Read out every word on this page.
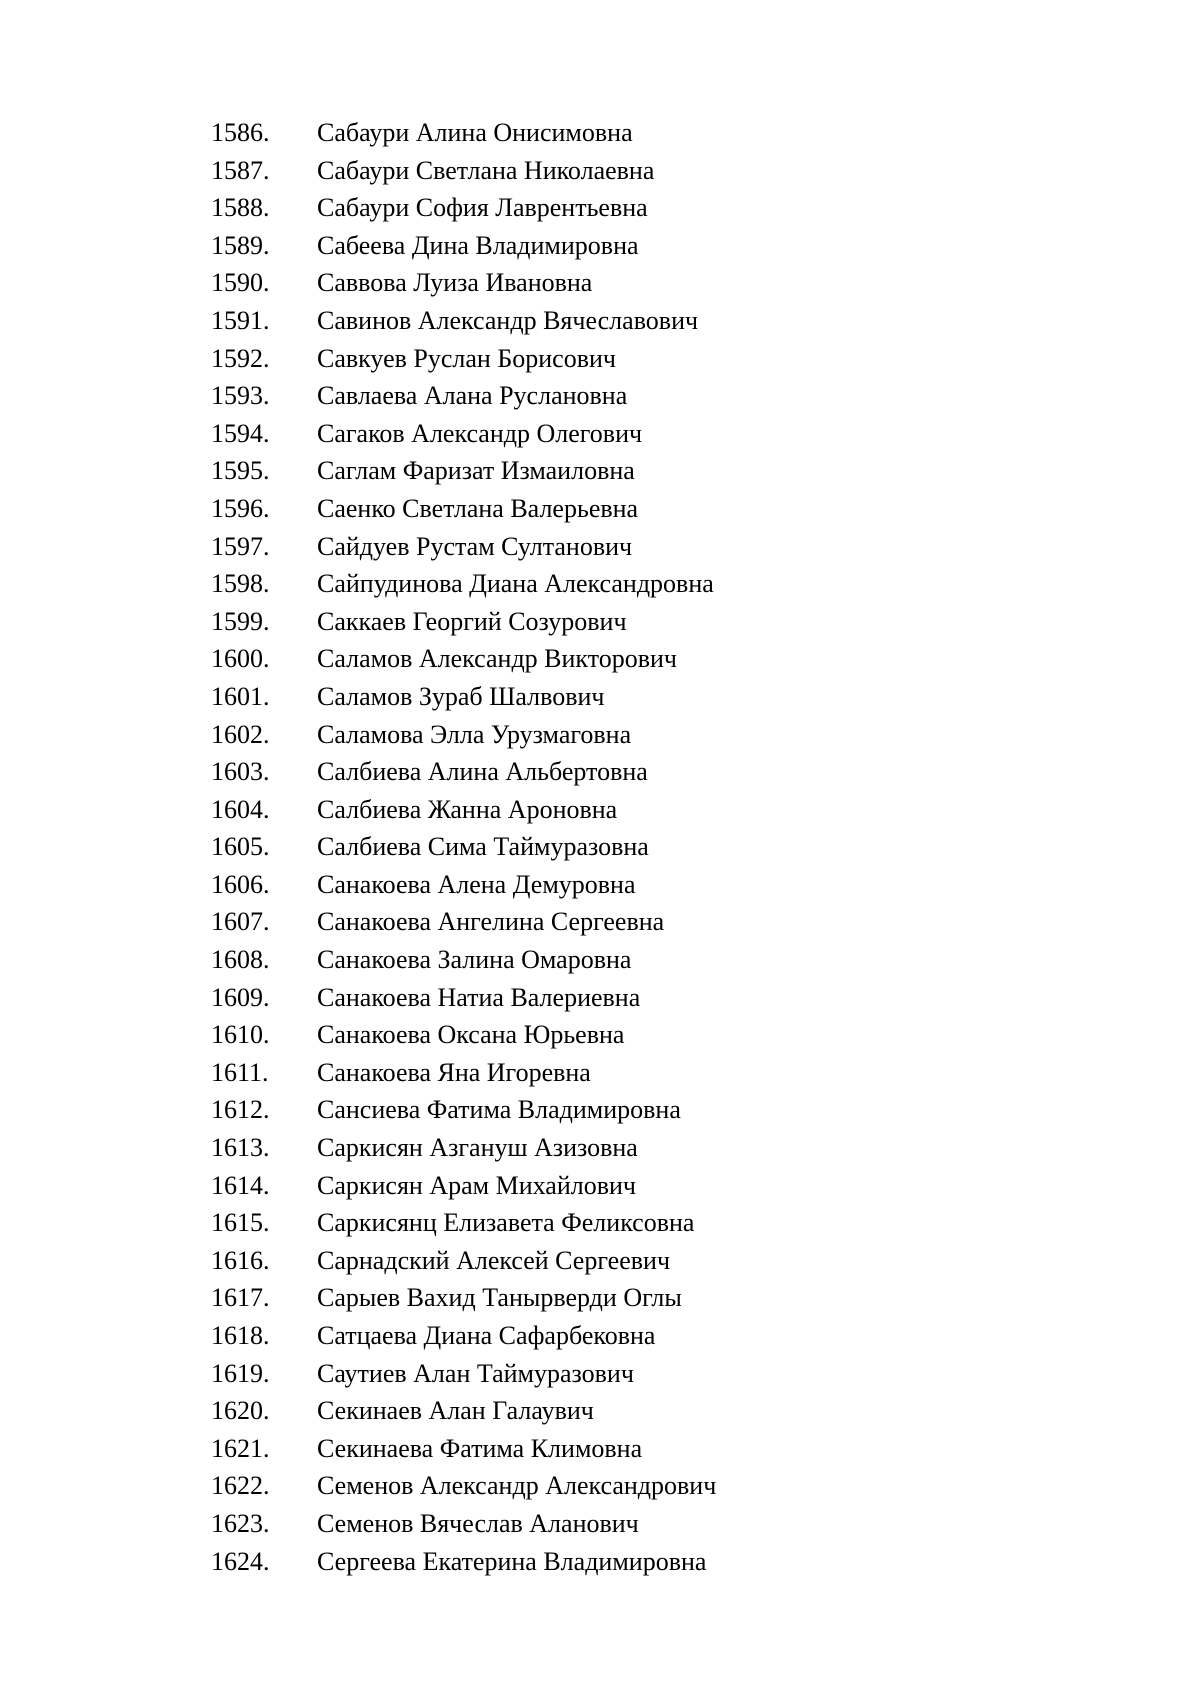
1586.	Сабаури Алина Онисимовна
1587.	Сабаури Светлана Николаевна
1588.	Сабаури София Лаврентьевна
1589.	Сабеева Дина Владимировна
1590.	Саввова Луиза Ивановна
1591.	Савинов Александр Вячеславович
1592.	Савкуев Руслан Борисович
1593.	Савлаева Алана Руслановна
1594.	Сагаков Александр Олегович
1595.	Саглам Фаризат Измаиловна
1596.	Саенко Светлана Валерьевна
1597.	Сайдуев Рустам Султанович
1598.	Сайпудинова Диана Александровна
1599.	Саккаев Георгий Созурович
1600.	Саламов Александр Викторович
1601.	Саламов Зураб Шалвович
1602.	Саламова Элла Урузмаговна
1603.	Салбиева Алина Альбертовна
1604.	Салбиева Жанна Ароновна
1605.	Салбиева Сима Таймуразовна
1606.	Санакоева Алена Демуровна
1607.	Санакоева Ангелина Сергеевна
1608.	Санакоева Залина Омаровна
1609.	Санакоева Натиа Валериевна
1610.	Санакоева Оксана Юрьевна
1611.	Санакоева Яна Игоревна
1612.	Сансиева Фатима Владимировна
1613.	Саркисян Азгануш Азизовна
1614.	Саркисян Арам Михайлович
1615.	Саркисянц Елизавета Феликсовна
1616.	Сарнадский Алексей Сергеевич
1617.	Сарыев Вахид Танырверди Оглы
1618.	Сатцаева Диана Сафарбековна
1619.	Саутиев Алан Таймуразович
1620.	Секинаев Алан Галаувич
1621.	Секинаева Фатима Климовна
1622.	Семенов Александр Александрович
1623.	Семенов Вячеслав Аланович
1624.	Сергеева Екатерина Владимировна
